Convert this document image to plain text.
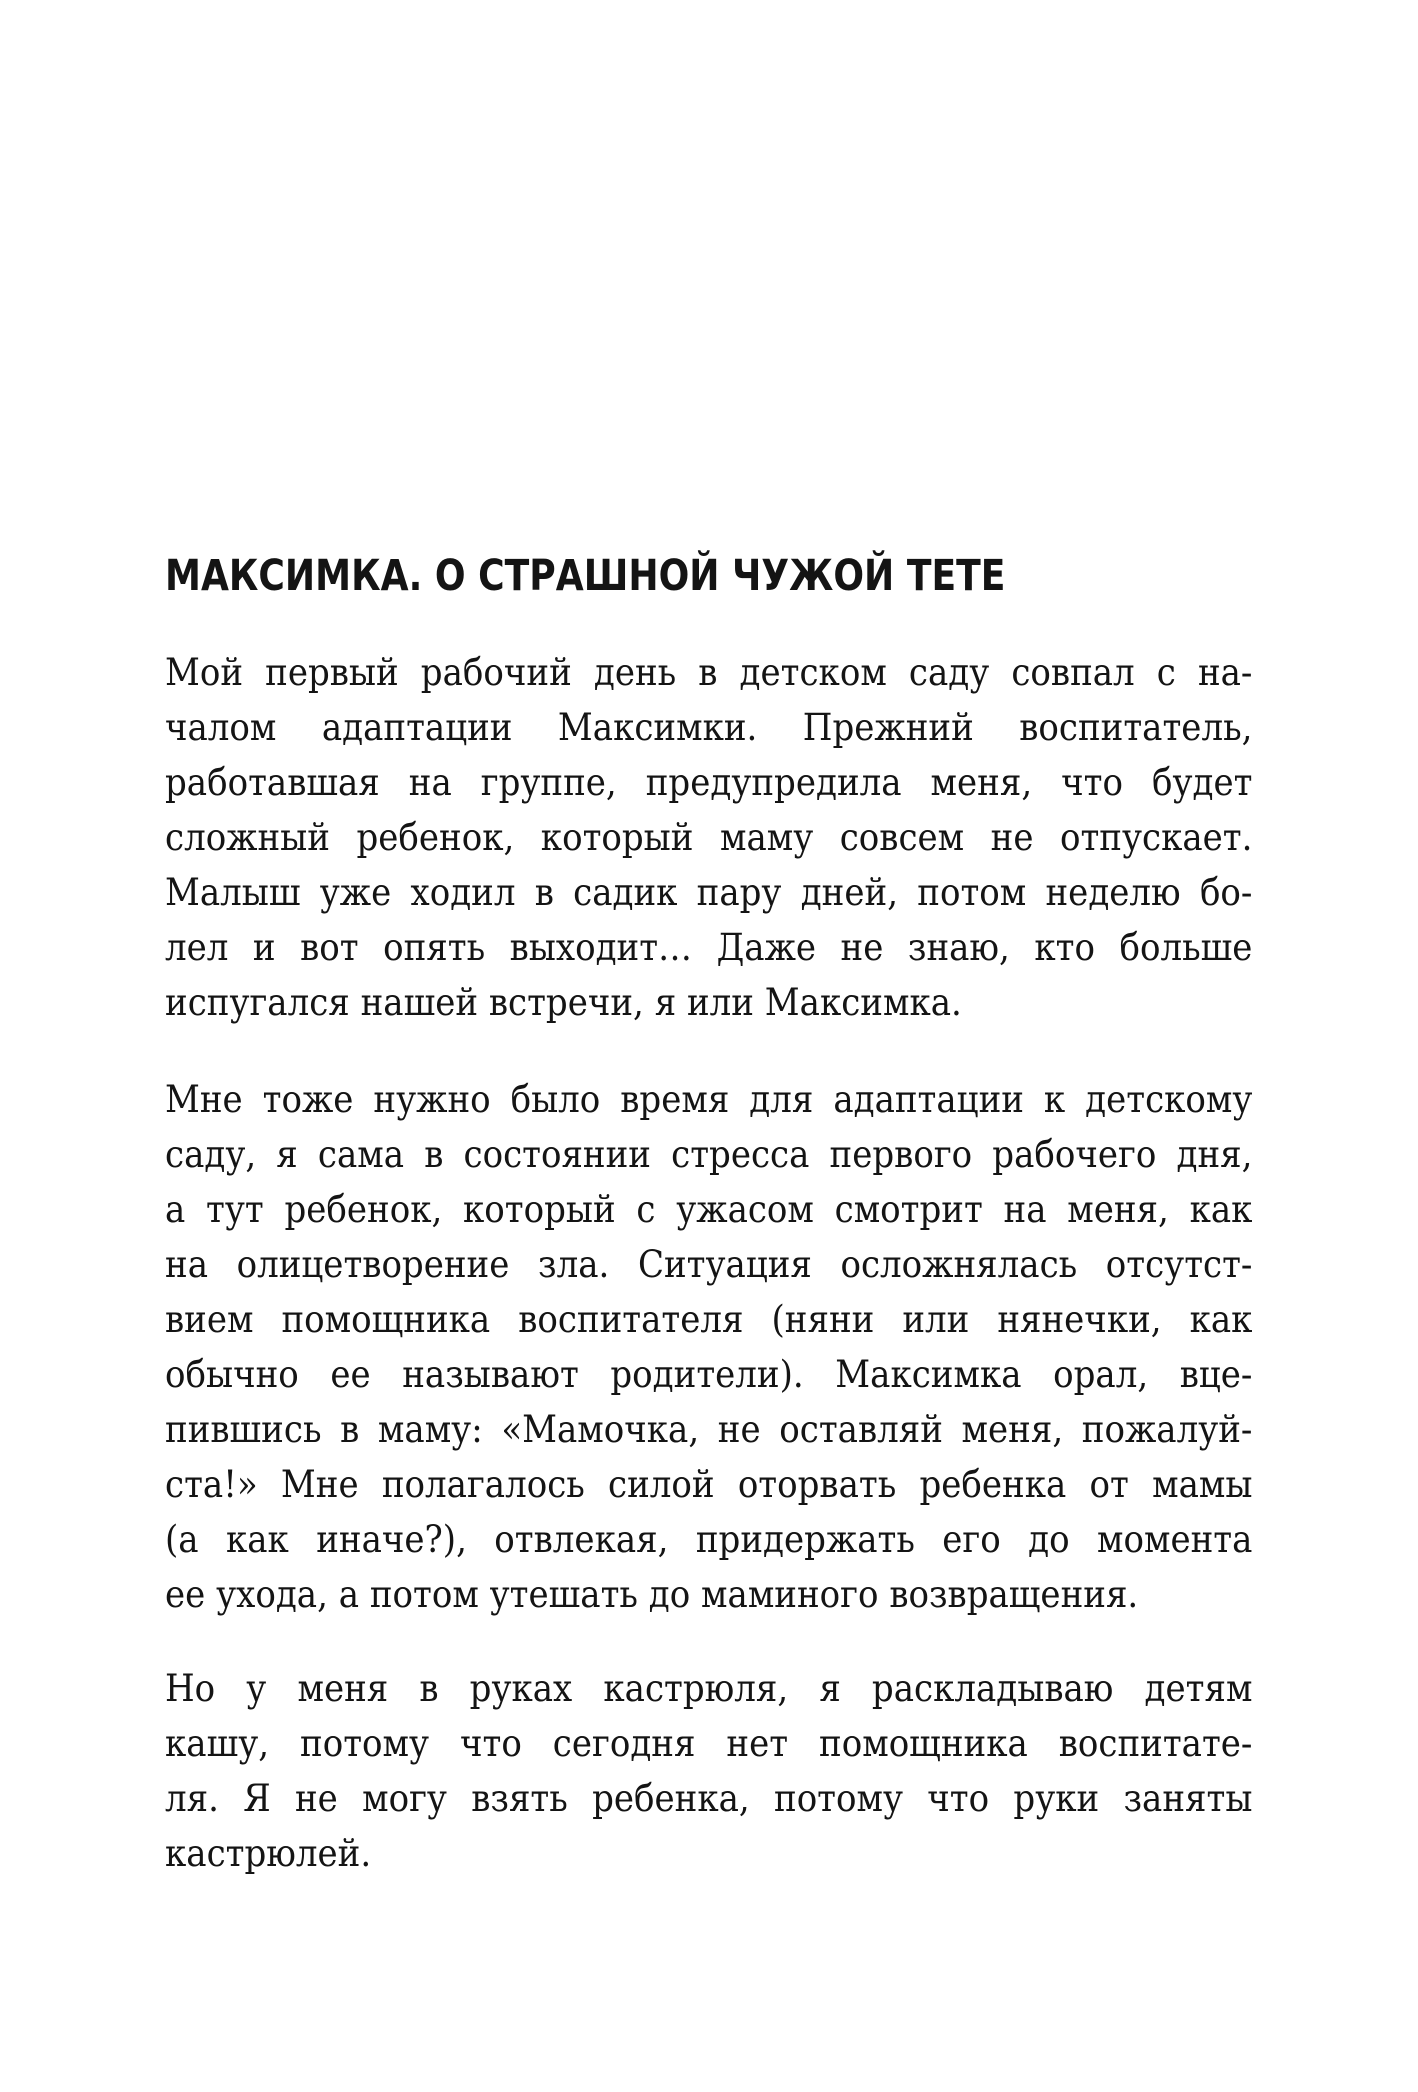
МАКСИМКА. О СТРАШНОЙ ЧУЖОЙ ТЕТЕ
Мой первый рабочий день в детском саду совпал с на-
чалом адаптации Максимки. Прежний воспитатель,
работавшая на группе, предупредила меня, что будет
сложный ребенок, который маму совсем не отпускает.
Малыш уже ходил в садик пару дней, потом неделю бо-
лел и вот опять выходит… Даже не знаю, кто больше
испугался нашей встречи, я или Максимка.
Мне тоже нужно было время для адаптации к детскому
саду, я сама в состоянии стресса первого рабочего дня,
а тут ребенок, который с ужасом смотрит на меня, как
на олицетворение зла. Ситуация осложнялась отсутст-
вием помощника воспитателя (няни или нянечки, как
обычно ее называют родители). Максимка орал, вце-
пившись в маму: «Мамочка, не оставляй меня, пожалуй-
ста!» Мне полагалось силой оторвать ребенка от мамы
(а как иначе?), отвлекая, придержать его до момента
ее ухода, а потом утешать до маминого возвращения.
Но у меня в руках кастрюля, я раскладываю детям
кашу, потому что сегодня нет помощника воспитате-
ля. Я не могу взять ребенка, потому что руки заняты
кастрюлей.
